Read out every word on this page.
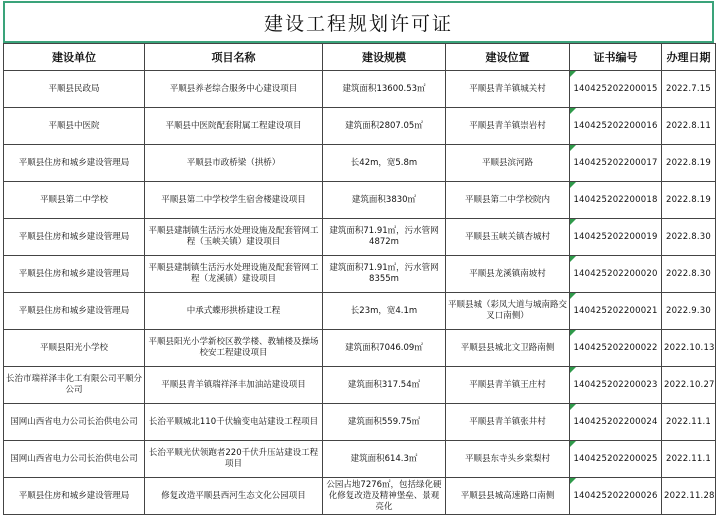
建设工程规划许可证
建设单位	项目名称	建设规模	建设位置	证书编号	办理日期
平顺县民政局	平顺县养老综合服务中心建设项目	建筑面积13600.53㎡	平顺县青羊镇城关村	140425202200015	2022.7.15
平顺县中医院	平顺县中医院配套附属工程建设项目	建筑面积2807.05㎡	平顺县青羊镇崇岩村	140425202200016	2022.8.11
平顺县住房和城乡建设管理局	平顺县市政桥梁（拱桥）	长42m，宽5.8m	平顺县滨河路	140425202200017	2022.8.19
平顺县第二中学校	平顺县第二中学校学生宿舍楼建设项目	建筑面积3830㎡	平顺县第二中学校院内	140425202200018	2022.8.19
平顺县住房和城乡建设管理局	平顺县建制镇生活污水处理设施及配套管网工程（玉峡关镇）建设项目	建筑面积71.91㎡，污水管网4872m	平顺县玉峡关镇杏城村	140425202200019	2022.8.30
平顺县住房和城乡建设管理局	平顺县建制镇生活污水处理设施及配套管网工程（龙溪镇）建设项目	建筑面积71.91㎡，污水管网8355m	平顺县龙溪镇南坡村	140425202200020	2022.8.30
平顺县住房和城乡建设管理局	中承式蝶形拱桥建设工程	长23m，宽4.1m	平顺县城（彩凤大道与城南路交叉口南侧）	140425202200021	2022.9.30
平顺县阳光小学校	平顺县阳光小学新校区教学楼、教辅楼及操场校安工程建设项目	建筑面积7046.09㎡	平顺县县城北文卫路南侧	140425202200022	2022.10.13
长治市瑞祥泽丰化工有限公司平顺分公司	平顺县青羊镇瑞祥泽丰加油站建设项目	建筑面积317.54㎡	平顺县青羊镇王庄村	140425202200023	2022.10.27
国网山西省电力公司长治供电公司	长治平顺城北110千伏输变电站建设工程项目	建筑面积559.75㎡	平顺县青羊镇张井村	140425202200024	2022.11.1
国网山西省电力公司长治供电公司	长治平顺光伏领跑者220千伏升压站建设工程项目	建筑面积614.3㎡	平顺县东寺头乡棠梨村	140425202200025	2022.11.1
平顺县住房和城乡建设管理局	修复改造平顺县西河生态文化公园项目	公园占地7276㎡，包括绿化硬化修复改造及精神堡垒、景观亮化	平顺县县城高速路口南侧	140425202200026	2022.11.28
